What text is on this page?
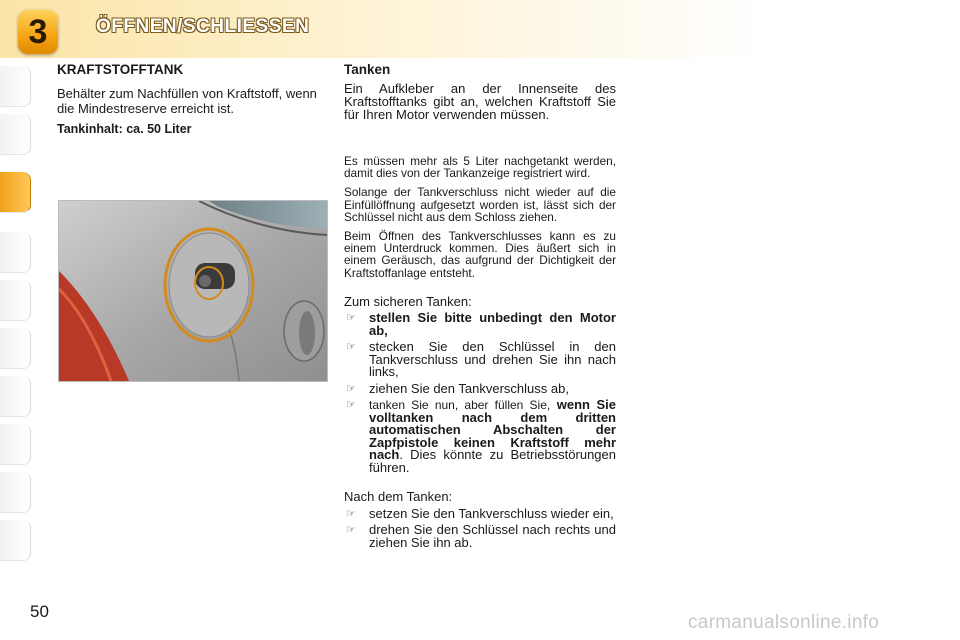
3	ÖFFNEN/SCHLIESSEN
KRAFTSTOFFTANK

Behälter zum Nachfüllen von Kraftstoff, wenn die Mindestreserve erreicht ist.

Tankinhalt: ca. 50 Liter

Tanken

Ein Aufkleber an der Innenseite des Kraftstofftanks gibt an, welchen Kraftstoff Sie für Ihren Motor verwenden müssen.

Es müssen mehr als 5 Liter nachgetankt werden, damit dies von der Tankanzeige registriert wird.

Solange der Tankverschluss nicht wieder auf die Einfüllöffnung aufgesetzt worden ist, lässt sich der Schlüssel nicht aus dem Schloss ziehen.

Beim Öffnen des Tankverschlusses kann es zu einem Unterdruck kommen. Dies äußert sich in einem Geräusch, das aufgrund der Dichtigkeit der Kraftstoffanlage entsteht.

Zum sicheren Tanken:

☞ stellen Sie bitte unbedingt den Motor ab,
☞ stecken Sie den Schlüssel in den Tankverschluss und drehen Sie ihn nach links,
☞ ziehen Sie den Tankverschluss ab,
☞ tanken Sie nun, aber füllen Sie, wenn Sie volltanken nach dem dritten automatischen Abschalten der Zapfpistole keinen Kraftstoff mehr nach. Dies könnte zu Betriebsstörungen führen.

Nach dem Tanken:

☞ setzen Sie den Tankverschluss wieder ein,
☞ drehen Sie den Schlüssel nach rechts und ziehen Sie ihn ab.
50
carmanualsonline.info
